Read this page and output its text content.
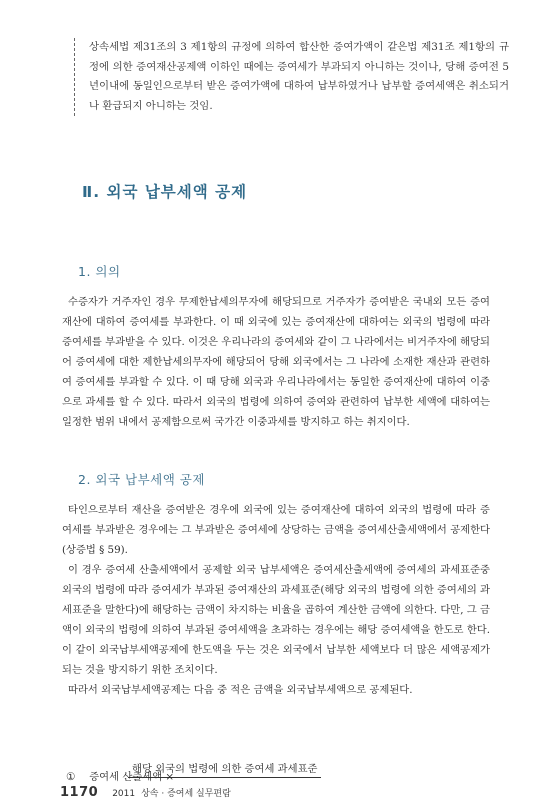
상속세법 제31조의 3 제1항의 규정에 의하여 합산한 증여가액이 같은법 제31조 제1항의 규정에 의한 증여재산공제액 이하인 때에는 증여세가 부과되지 아니하는 것이나, 당해 증여전 5년이내에 동일인으로부터 받은 증여가액에 대하여 납부하였거나 납부할 증여세액은 취소되거나 환급되지 아니하는 것임.
Ⅱ. 외국 납부세액 공제
1. 의의
수증자가 거주자인 경우 무제한납세의무자에 해당되므로 거주자가 증여받은 국내외 모든 증여재산에 대하여 증여세를 부과한다. 이 때 외국에 있는 증여재산에 대하여는 외국의 법령에 따라 증여세를 부과받을 수 있다. 이것은 우리나라의 증여세와 같이 그 나라에서는 비거주자에 해당되어 증여세에 대한 제한납세의무자에 해당되어 당해 외국에서는 그 나라에 소재한 재산과 관련하여 증여세를 부과할 수 있다. 이 때 당해 외국과 우리나라에서는 동일한 증여재산에 대하여 이중으로 과세를 할 수 있다. 따라서 외국의 법령에 의하여 증여와 관련하여 납부한 세액에 대하여는 일정한 범위 내에서 공제함으로써 국가간 이중과세를 방지하고 하는 취지이다.
2. 외국 납부세액 공제
타인으로부터 재산을 증여받은 경우에 외국에 있는 증여재산에 대하여 외국의 법령에 따라 증여세를 부과받은 경우에는 그 부과받은 증여세에 상당하는 금액을 증여세산출세액에서 공제한다(상증법 § 59).
이 경우 증여세 산출세액에서 공제할 외국 납부세액은 증여세산출세액에 증여세의 과세표준중 외국의 법령에 따라 증여세가 부과된 증여재산의 과세표준(해당 외국의 법령에 의한 증여세의 과세표준을 말한다)에 해당하는 금액이 차지하는 비율을 곱하여 계산한 금액에 의한다. 다만, 그 금액이 외국의 법령에 의하여 부과된 증여세액을 초과하는 경우에는 해당 증여세액을 한도로 한다. 이 같이 외국납부세액공제에 한도액을 두는 것은 외국에서 납부한 세액보다 더 많은 세액공제가 되는 것을 방지하기 위한 조치이다.
따라서 외국납부세액공제는 다음 중 적은 금액을 외국납부세액으로 공제된다.
해당 외국의 법령에 의한 증여세 과세표준
① 증여세 산출세액 ×
1170 2011 상속 · 증여세 실무편람
